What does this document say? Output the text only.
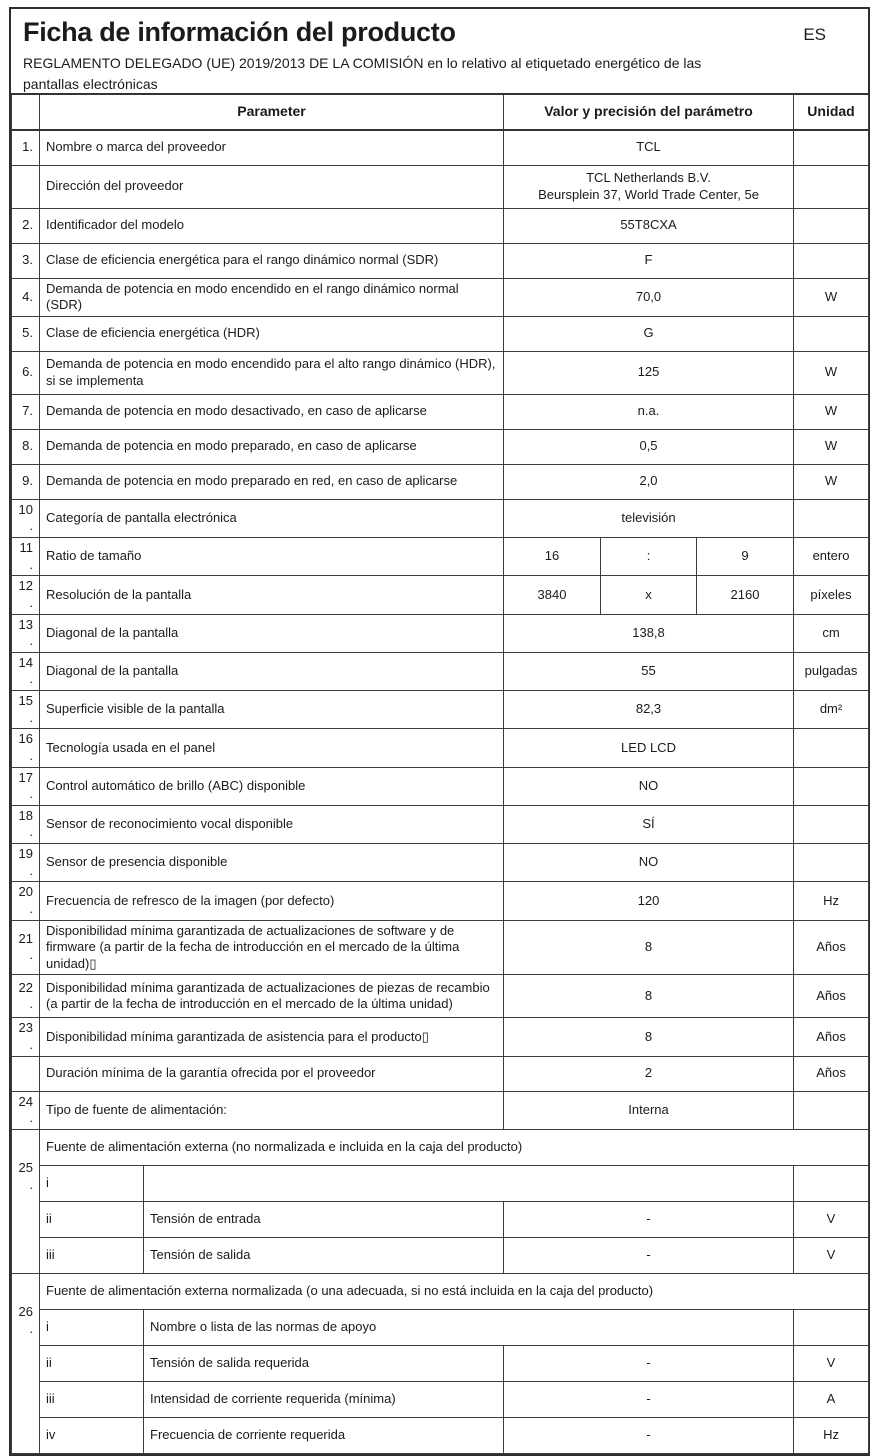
Ficha de información del producto	ES
REGLAMENTO DELEGADO (UE) 2019/2013 DE LA COMISIÓN en lo relativo al etiquetado energético de las pantallas electrónicas
	Parameter		Valor y precisión del parámetro			Unidad
1.	Nombre o marca del proveedor		TCL			
	Dirección del proveedor		TCL Netherlands B.V.
Beursplein 37, World Trade Center, 5e			
2.	Identificador del modelo		55T8CXA			
3.	Clase de eficiencia energética para el rango dinámico normal (SDR)		F			
4.	Demanda de potencia en modo encendido en el rango dinámico normal (SDR)		70,0			W
5.	Clase de eficiencia energética (HDR)		G			
6.	Demanda de potencia en modo encendido para el alto rango dinámico (HDR), si se implementa		125			W
7.	Demanda de potencia en modo desactivado, en caso de aplicarse		n.a.			W
8.	Demanda de potencia en modo preparado, en caso de aplicarse		0,5			W
9.	Demanda de potencia en modo preparado en red, en caso de aplicarse		2,0			W
10.	Categoría de pantalla electrónica		televisión			
11.	Ratio de tamaño		16	:	9	entero
12.	Resolución de la pantalla		3840	x	2160	píxeles
13.	Diagonal de la pantalla		138,8			cm
14.	Diagonal de la pantalla		55			pulgadas
15.	Superficie visible de la pantalla		82,3			dm²
16.	Tecnología usada en el panel		LED LCD			
17.	Control automático de brillo (ABC) disponible		NO			
18.	Sensor de reconocimiento vocal disponible		SÍ			
19.	Sensor de presencia disponible		NO			
20.	Frecuencia de refresco de la imagen (por defecto)		120			Hz
21.	Disponibilidad mínima garantizada de actualizaciones de software y de firmware (a partir de la fecha de introducción en el mercado de la última unidad)▯		8			Años
22.	Disponibilidad mínima garantizada de actualizaciones de piezas de recambio (a partir de la fecha de introducción en el mercado de la última unidad)		8			Años
23.	Disponibilidad mínima garantizada de asistencia para el producto▯		8			Años
	Duración mínima de la garantía ofrecida por el proveedor		2			Años
24.	Tipo de fuente de alimentación:		Interna			
25.	Fuente de alimentación externa (no normalizada e incluida en la caja del producto)					
	i					
	ii	Tensión de entrada	-			V
	iii	Tensión de salida	-			V
26.	Fuente de alimentación externa normalizada (o una adecuada, si no está incluida en la caja del producto)					
	i	Nombre o lista de las normas de apoyo				
	ii	Tensión de salida requerida	-			V
	iii	Intensidad de corriente requerida (mínima)	-			A
	iv	Frecuencia de corriente requerida	-			Hz
